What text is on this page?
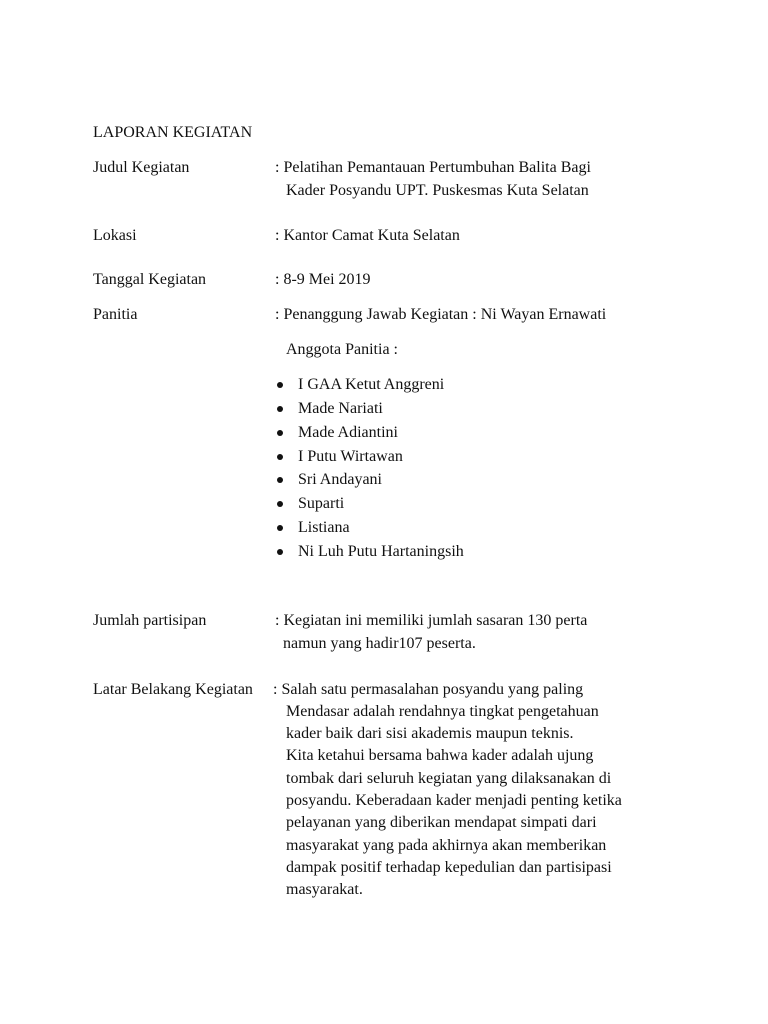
LAPORAN KEGIATAN
Judul Kegiatan	: Pelatihan Pemantauan Pertumbuhan Balita Bagi
Kader Posyandu UPT. Puskesmas Kuta Selatan
Lokasi	: Kantor Camat Kuta Selatan
Tanggal Kegiatan	: 8-9 Mei 2019
Panitia	: Penanggung Jawab Kegiatan : Ni Wayan Ernawati
Anggota Panitia :
I GAA Ketut Anggreni
Made Nariati
Made Adiantini
I Putu Wirtawan
Sri Andayani
Suparti
Listiana
Ni Luh Putu Hartaningsih
Jumlah partisipan	: Kegiatan ini memiliki jumlah sasaran 130 perta
namun yang hadir107 peserta.
Latar Belakang Kegiatan : Salah satu permasalahan posyandu yang paling
Mendasar adalah rendahnya tingkat pengetahuan
kader baik dari sisi akademis maupun teknis.
Kita ketahui bersama bahwa kader adalah ujung
tombak dari seluruh kegiatan yang dilaksanakan di
posyandu. Keberadaan kader menjadi penting ketika
pelayanan yang diberikan mendapat simpati dari
masyarakat yang pada akhirnya akan memberikan
dampak positif terhadap kepedulian dan partisipasi
masyarakat.
